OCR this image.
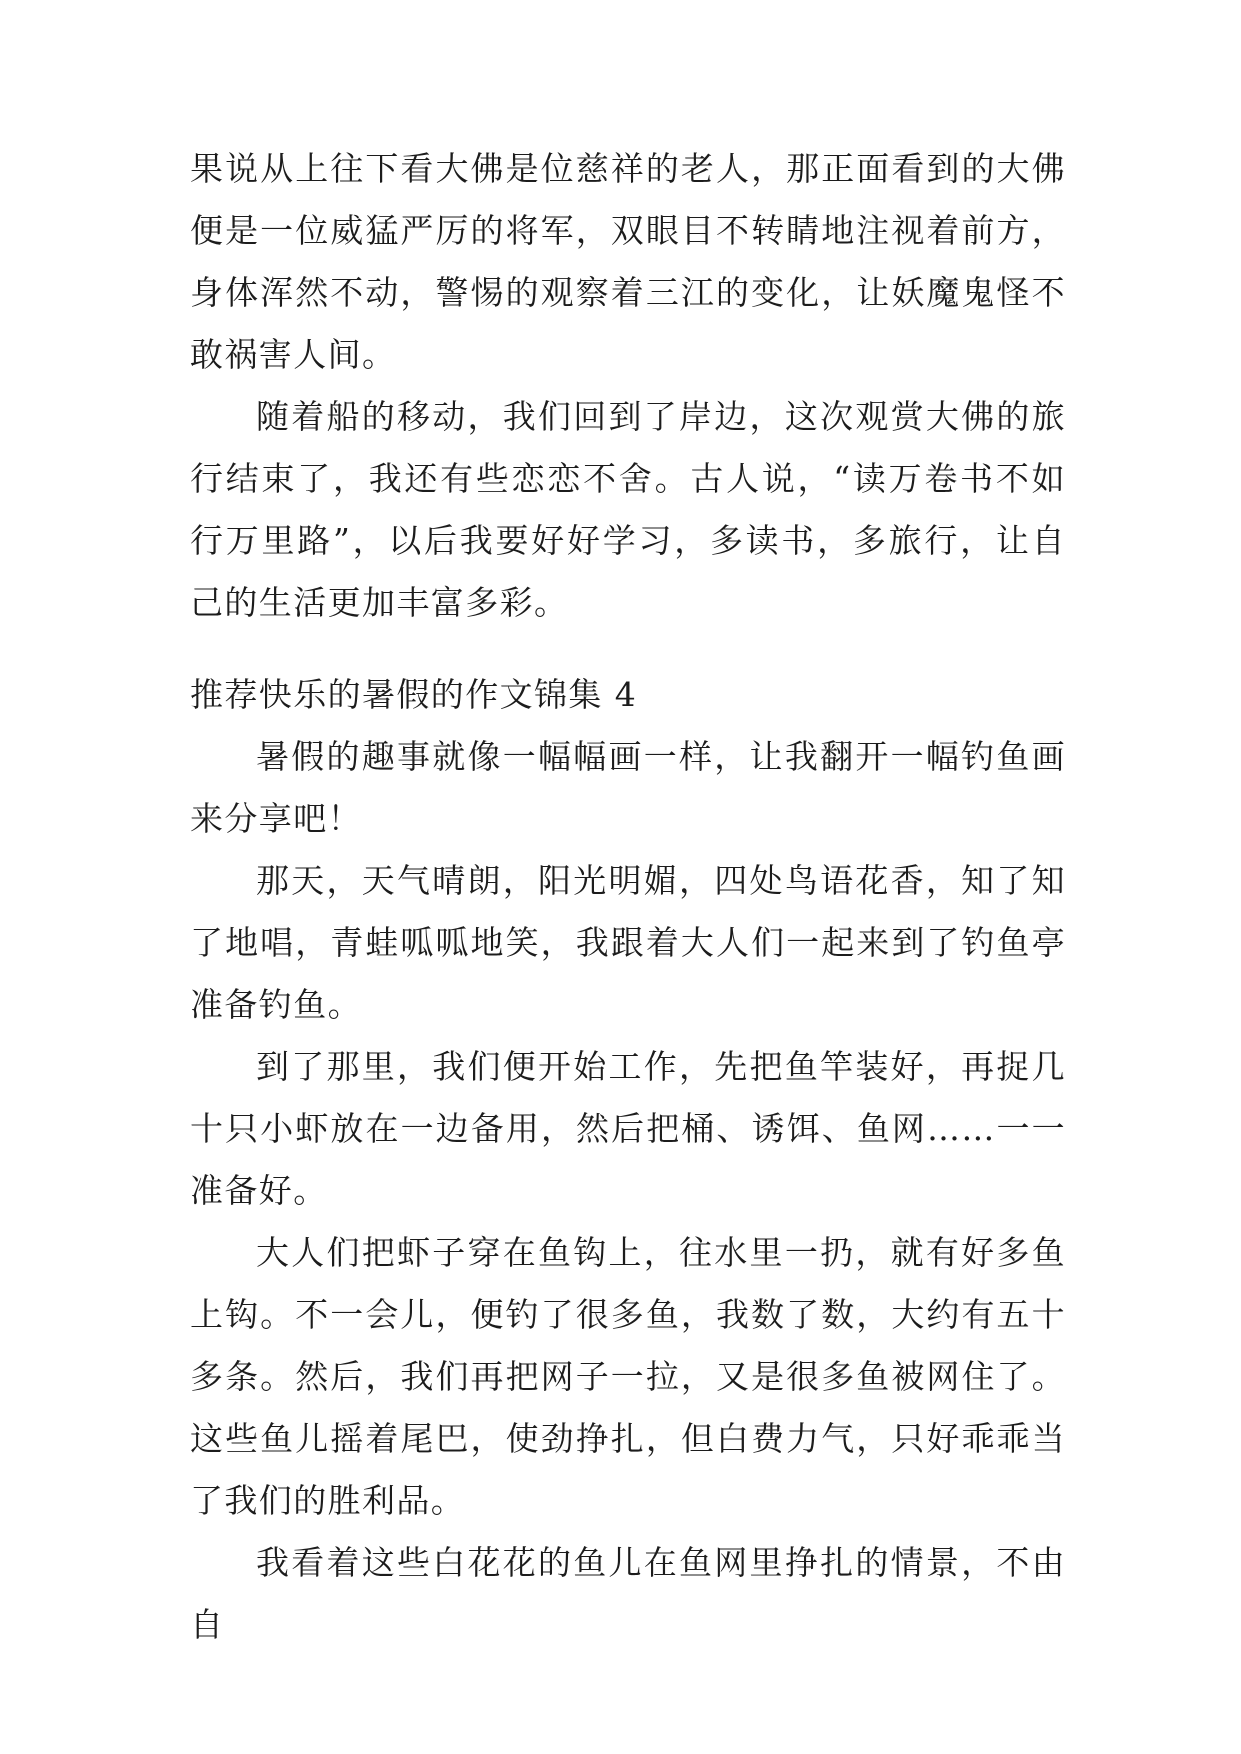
果说从上往下看大佛是位慈祥的老人，那正面看到的大佛便是一位威猛严厉的将军，双眼目不转睛地注视着前方，身体浑然不动，警惕的观察着三江的变化，让妖魔鬼怪不敢祸害人间。

随着船的移动，我们回到了岸边，这次观赏大佛的旅行结束了，我还有些恋恋不舍。古人说，“读万卷书不如行万里路”，以后我要好好学习，多读书，多旅行，让自己的生活更加丰富多彩。

推荐快乐的暑假的作文锦集 4

暑假的趣事就像一幅幅画一样，让我翻开一幅钓鱼画来分享吧！

那天，天气晴朗，阳光明媚，四处鸟语花香，知了知了地唱，青蛙呱呱地笑，我跟着大人们一起来到了钓鱼亭准备钓鱼。

到了那里，我们便开始工作，先把鱼竿装好，再捉几十只小虾放在一边备用，然后把桶、诱饵、鱼网……一一准备好。

大人们把虾子穿在鱼钩上，往水里一扔，就有好多鱼上钩。不一会儿，便钓了很多鱼，我数了数，大约有五十多条。然后，我们再把网子一拉，又是很多鱼被网住了。这些鱼儿摇着尾巴，使劲挣扎，但白费力气，只好乖乖当了我们的胜利品。

我看着这些白花花的鱼儿在鱼网里挣扎的情景，不由自
